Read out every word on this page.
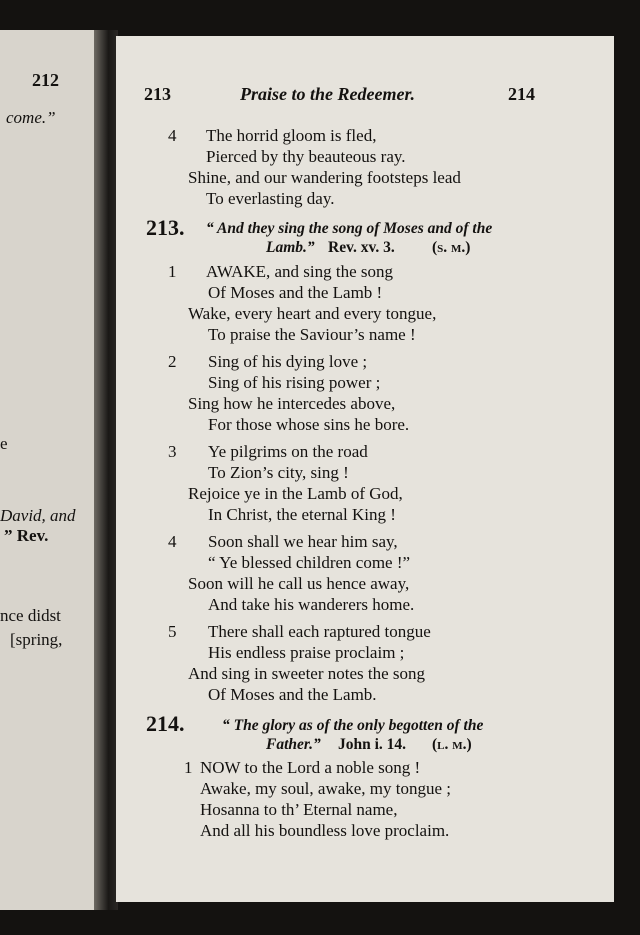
212
come.”
e
David, and
” Rev.
nce didst
[spring,
213	Praise to the Redeemer.	214
4 The horrid gloom is fled,
Pierced by thy beauteous ray.
Shine, and our wandering footsteps lead
To everlasting day.
213. “ And they sing the song of Moses and of the
Lamb.” Rev. xv. 3. (s. m.)
1 AWAKE, and sing the song
Of Moses and the Lamb !
Wake, every heart and every tongue,
To praise the Saviour’s name !
2 Sing of his dying love ;
Sing of his rising power ;
Sing how he intercedes above,
For those whose sins he bore.
3 Ye pilgrims on the road
To Zion’s city, sing !
Rejoice ye in the Lamb of God,
In Christ, the eternal King !
4 Soon shall we hear him say,
“ Ye blessed children come !”
Soon will he call us hence away,
And take his wanderers home.
5 There shall each raptured tongue
His endless praise proclaim ;
And sing in sweeter notes the song
Of Moses and the Lamb.
214. “ The glory as of the only begotten of the
Father.” John i. 14. (l. m.)
1 NOW to the Lord a noble song !
Awake, my soul, awake, my tongue ;
Hosanna to th’ Eternal name,
And all his boundless love proclaim.
